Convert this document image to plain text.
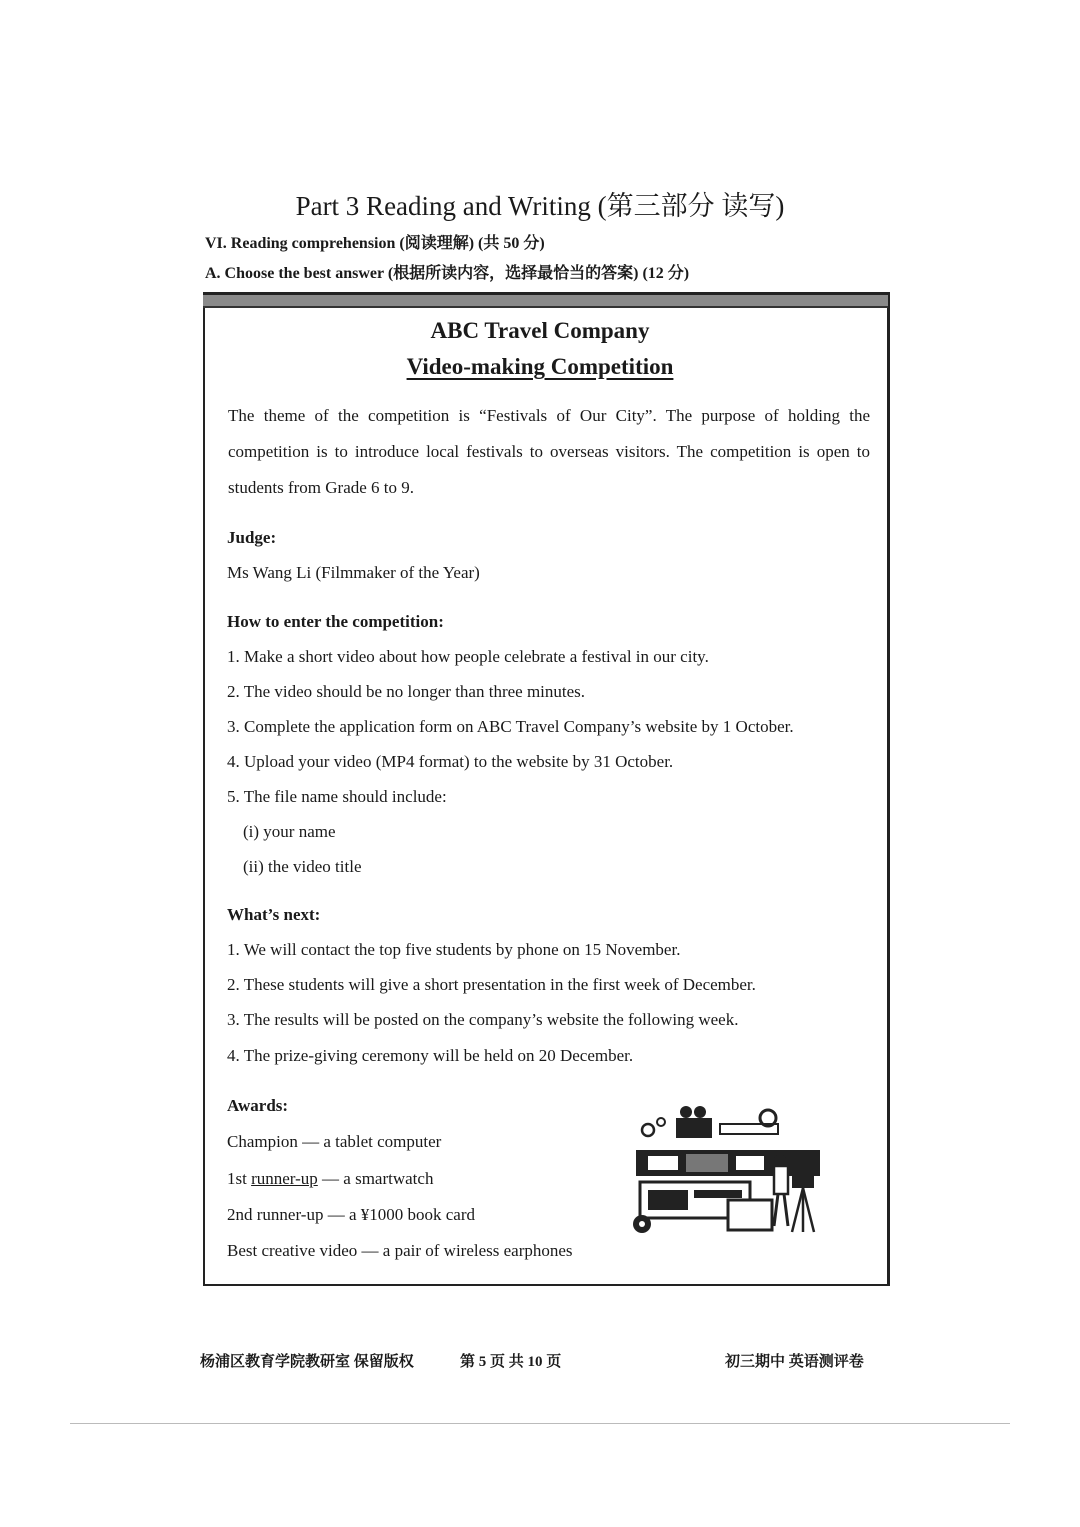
Part 3 Reading and Writing (第三部分 读写)
VI. Reading comprehension (阅读理解) (共 50 分)
A. Choose the best answer (根据所读内容，选择最恰当的答案) (12 分)
ABC Travel Company
Video-making Competition
The theme of the competition is “Festivals of Our City”. The purpose of holding the competition is to introduce local festivals to overseas visitors. The competition is open to students from Grade 6 to 9.
Judge:
Ms Wang Li (Filmmaker of the Year)
How to enter the competition:
1. Make a short video about how people celebrate a festival in our city.
2. The video should be no longer than three minutes.
3. Complete the application form on ABC Travel Company’s website by 1 October.
4. Upload your video (MP4 format) to the website by 31 October.
5. The file name should include:
(i) your name
(ii) the video title
What’s next:
1. We will contact the top five students by phone on 15 November.
2. These students will give a short presentation in the first week of December.
3. The results will be posted on the company’s website the following week.
4. The prize-giving ceremony will be held on 20 December.
Awards:
Champion — a tablet computer
1st runner-up — a smartwatch
2nd runner-up — a ¥1000 book card
Best creative video — a pair of wireless earphones
杨浦区教育学院教研室 保留版权	第 5 页 共 10 页	初三期中 英语测评卷
